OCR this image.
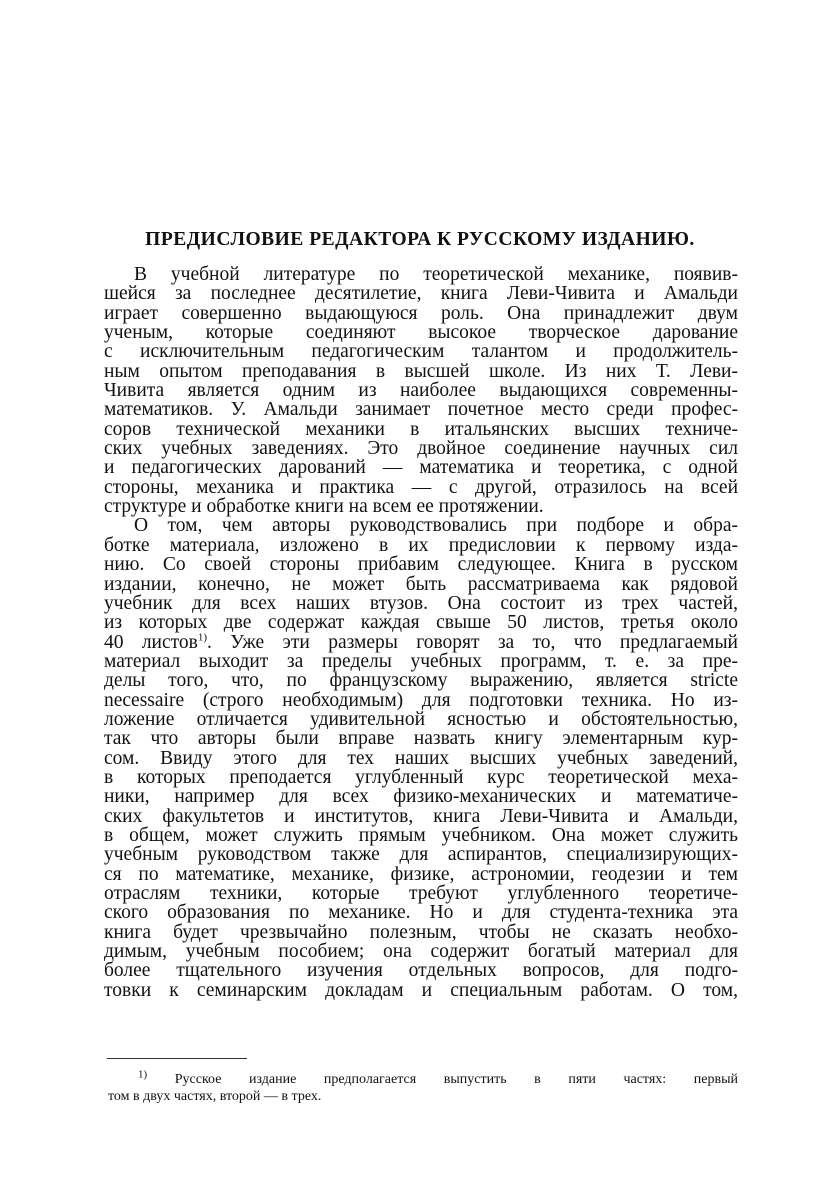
ПРЕДИСЛОВИЕ РЕДАКТОРА К РУССКОМУ ИЗДАНИЮ.
В учебной литературе по теоретической механике, появив-
шейся за последнее десятилетие, книга Леви-Чивита и Амальди
играет совершенно выдающуюся роль. Она принадлежит двум
ученым, которые соединяют высокое творческое дарование
с исключительным педагогическим талантом и продолжитель-
ным опытом преподавания в высшей школе. Из них Т. Леви-
Чивита является одним из наиболее выдающихся современны-
математиков. У. Амальди занимает почетное место среди профес-
соров технической механики в итальянских высших техниче-
ских учебных заведениях. Это двойное соединение научных сил
и педагогических дарований — математика и теоретика, с одной
стороны, механика и практика — с другой, отразилось на всей
структуре и обработке книги на всем ее протяжении.
О том, чем авторы руководствовались при подборе и обра-
ботке материала, изложено в их предисловии к первому изда-
нию. Со своей стороны прибавим следующее. Книга в русском
издании, конечно, не может быть рассматриваема как рядовой
учебник для всех наших втузов. Она состоит из трех частей,
из которых две содержат каждая свыше 50 листов, третья около
40 листов$^{1)}$. Уже эти размеры говорят за то, что предлагаемый
материал выходит за пределы учебных программ, т. е. за пре-
делы того, что, по французскому выражению, является stricte
necessaire (строго необходимым) для подготовки техника. Но из-
ложение отличается удивительной ясностью и обстоятельностью,
так что авторы были вправе назвать книгу элементарным кур-
сом. Ввиду этого для тех наших высших учебных заведений,
в которых преподается углубленный курс теоретической меха-
ники, например для всех физико-механических и математиче-
ских факультетов и институтов, книга Леви-Чивита и Амальди,
в общем, может служить прямым учебником. Она может служить
учебным руководством также для аспирантов, специализирующих-
ся по математике, механике, физике, астрономии, геодезии и тем
отраслям техники, которые требуют углубленного теоретиче-
ского образования по механике. Но и для студента-техника эта
книга будет чрезвычайно полезным, чтобы не сказать необхо-
димым, учебным пособием; она содержит богатый материал для
более тщательного изучения отдельных вопросов, для подго-
товки к семинарским докладам и специальным работам. О том,
$^{1)}$ Русское издание предполагается выпустить в пяти частях: первый
том в двух частях, второй — в трех.
